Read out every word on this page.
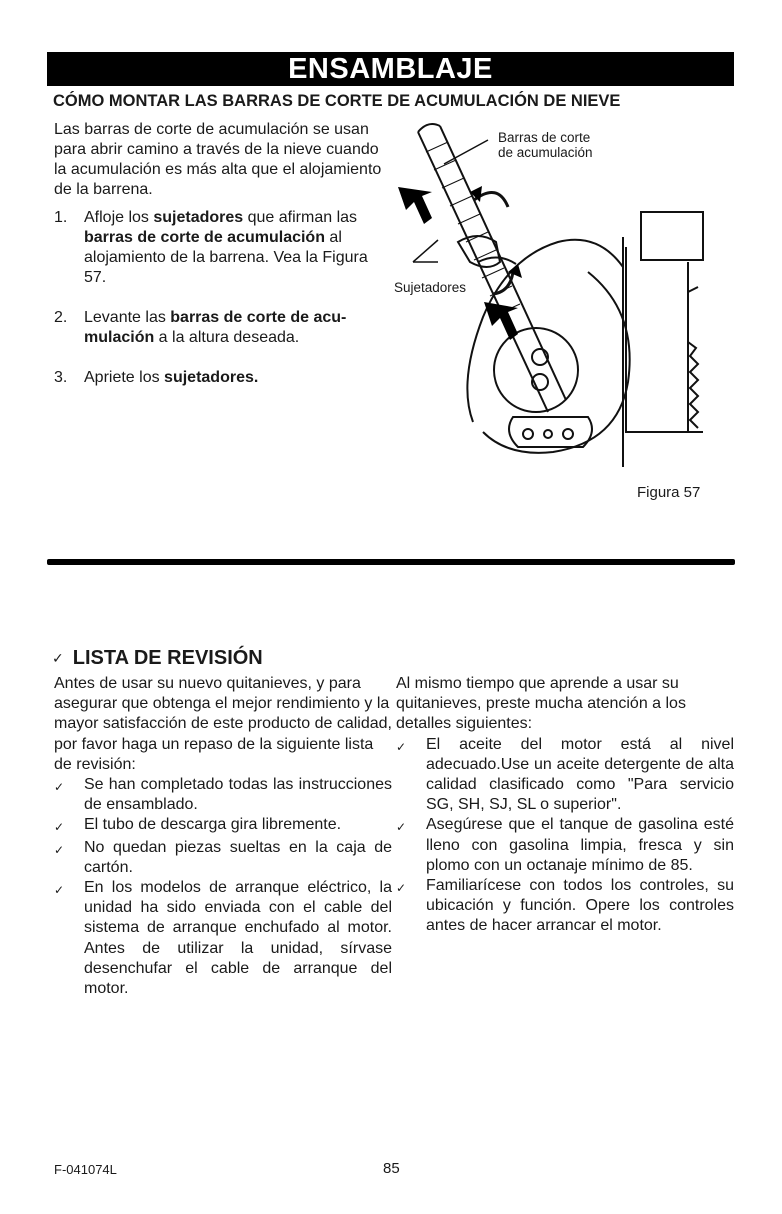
ENSAMBLAJE
CÓMO MONTAR LAS BARRAS DE CORTE DE ACUMULACIÓN DE NIEVE
Las barras de corte de acumulación se usan para abrir camino a través de la nieve cuando la acumulación es más alta que el alojamiento de la barrena.
1.	Afloje los sujetadores que afirman las barras de corte de acumulación al alojamiento de la barrena. Vea la Figura 57.
2.	Levante las barras de corte de acu-mulación a la altura deseada.
3.	Apriete los sujetadores.
Barras de corte
de acumulación
Sujetadores
Figura 57
✓ LISTA DE REVISIÓN
Antes de usar su nuevo quitanieves, y para asegurar que obtenga el mejor rendimiento y la mayor satisfacción de este producto de calidad, por favor haga un repaso de la siguiente lista de revisión:
✓	Se han completado todas las instrucciones de ensamblado.
✓	El tubo de descarga gira libremente.
✓	No quedan piezas sueltas en la caja de cartón.
✓	En los modelos de arranque eléctrico, la unidad ha sido enviada con el cable del sistema de arranque enchufado al motor. Antes de utilizar la unidad, sírvase desenchufar el cable de arranque del motor.
Al mismo tiempo que aprende a usar su quitanieves, preste mucha atención a los detalles siguientes:
✓	El aceite del motor está al nivel adecuado.Use un aceite detergente de alta calidad clasificado como "Para servicio SG, SH, SJ, SL o superior".
✓	Asegúrese que el tanque de gasolina esté lleno con gasolina limpia, fresca y sin plomo con un octanaje mínimo de 85.
✓	Familiarícese con todos los controles, su ubicación y función. Opere los controles antes de hacer arrancar el motor.
F-041074L	85
